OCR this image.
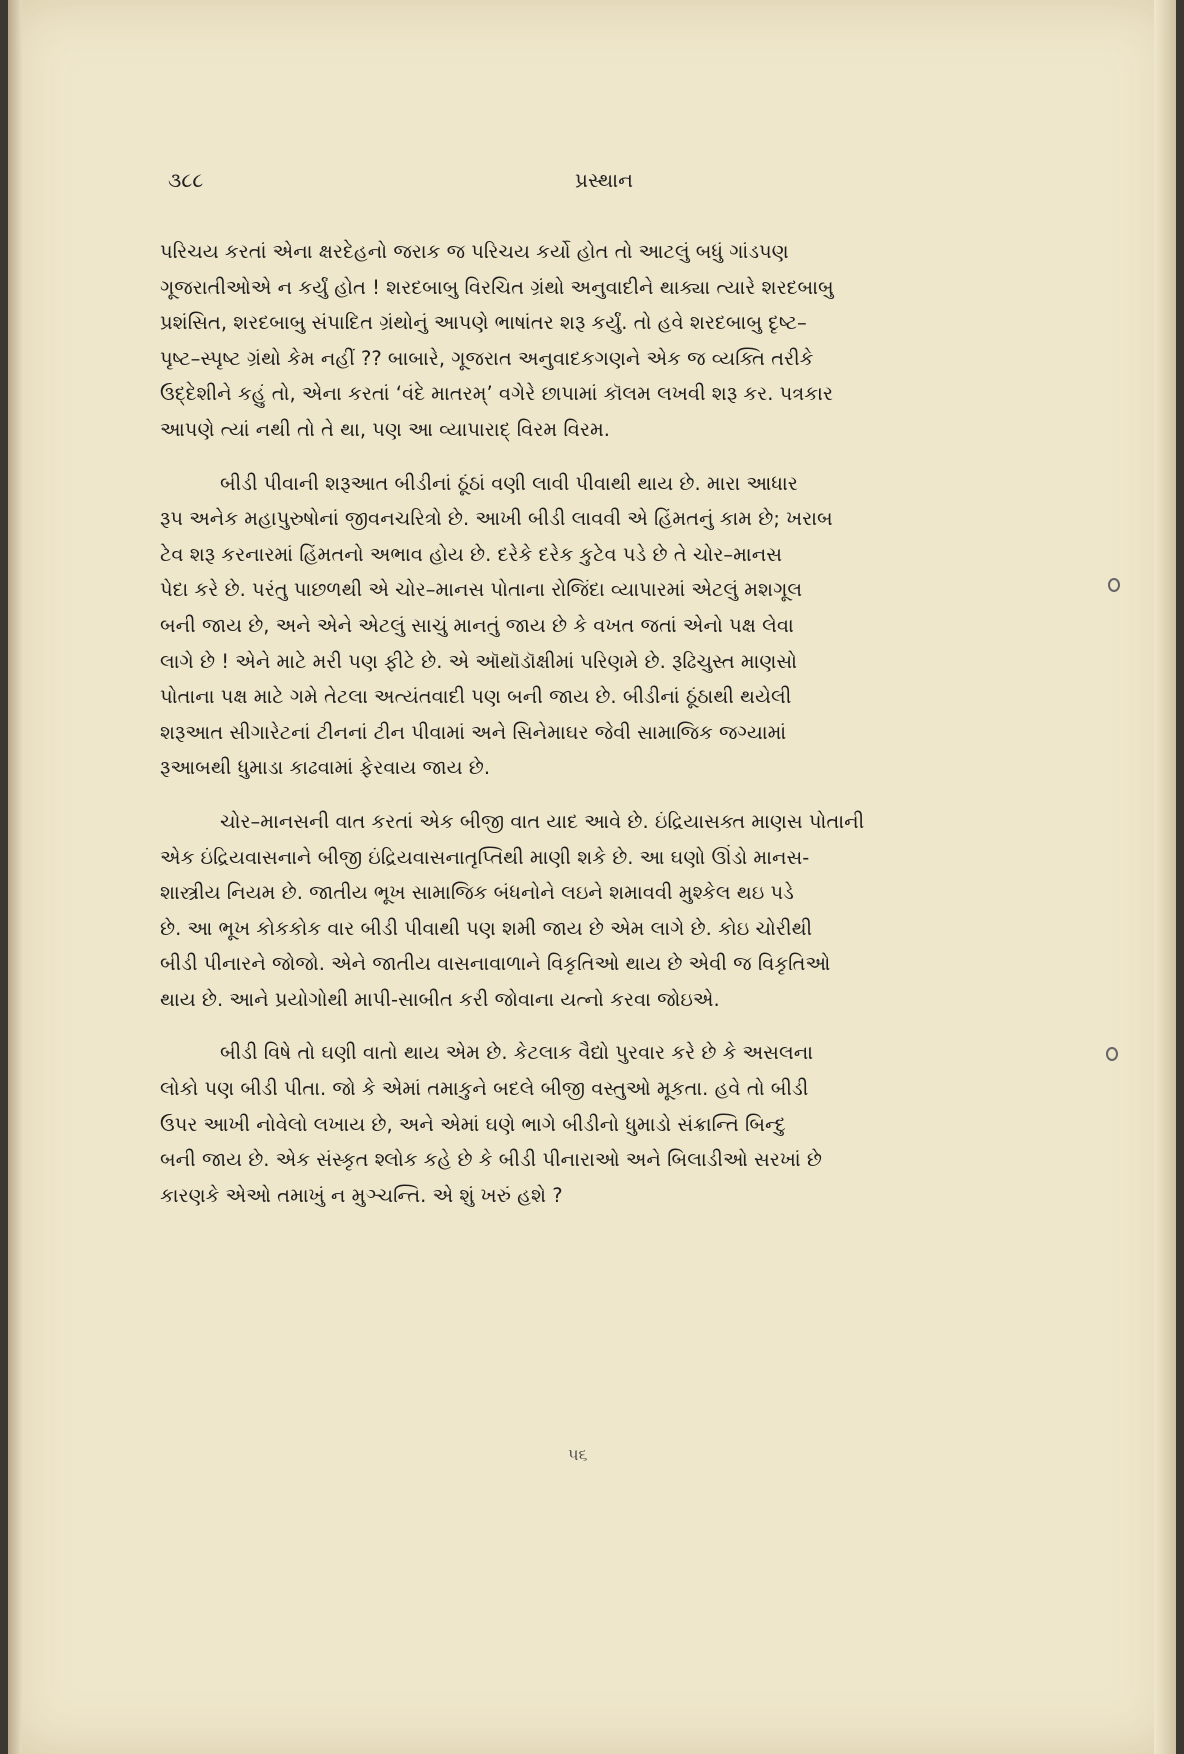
૩૮૮	પ્રસ્થાન

પરિચય કરતાં એના ક્ષરદેહનો જરાક જ પરિચય કર્યો હોત તો આટલું બધું ગાંડપણ
ગૂજરાતીઓએ ન કર્યું હોત ! શરદબાબુ વિરચિત ગ્રંથો અનુવાદીને થાક્યા ત્યારે શરદબાબુ
પ્રશંસિત, શરદબાબુ સંપાદિત ગ્રંથોનું આપણે ભાષાંતર શરૂ કર્યું. તો હવે શરદબાબુ દૃષ્ટ–
પૃષ્ટ–સ્પૃષ્ટ ગ્રંથો કેમ નહીં ?? બાબારે, ગૂજરાત અનુવાદકગણને એક જ વ્યક્તિ તરીકે
ઉદ્દેશીને કહું તો, એના કરતાં ‘વંદે માતરમ્’ વગેરે છાપામાં કૉલમ લખવી શરૂ કર. પત્રકાર
આપણે ત્યાં નથી તો તે થા, પણ આ વ્યાપારાદ્ વિરમ વિરમ.

બીડી પીવાની શરૂઆત બીડીનાં ઠૂંઠાં વણી લાવી પીવાથી થાય છે. મારા આધાર
રૂપ અનેક મહાપુરુષોનાં જીવનચરિત્રો છે. આખી બીડી લાવવી એ હિંમતનું કામ છે; ખરાબ
ટેવ શરૂ કરનારમાં હિંમતનો અભાવ હોય છે. દરેકે દરેક કુટેવ પડે છે તે ચોર–માનસ
પેદા કરે છે. પરંતુ પાછળથી એ ચોર–માનસ પોતાના રોજિંદા વ્યાપારમાં એટલું મશગૂલ
બની જાય છે, અને એને એટલું સાચું માનતું જાય છે કે વખત જતાં એનો પક્ષ લેવા
લાગે છે ! એને માટે મરી પણ ફીટે છે. એ ઑથૉડૉક્ષીમાં પરિણમે છે. રૂઢિચુસ્ત માણસો
પોતાના પક્ષ માટે ગમે તેટલા અત્યંતવાદી પણ બની જાય છે. બીડીનાં ઠૂંઠાથી થયેલી
શરૂઆત સીગારેટનાં ટીનનાં ટીન પીવામાં અને સિનેમાઘર જેવી સામાજિક જગ્યામાં
રૂઆબથી ધુમાડા કાઢવામાં ફેરવાય જાય છે.

ચોર–માનસની વાત કરતાં એક બીજી વાત યાદ આવે છે. ઇંદ્રિયાસક્ત માણસ પોતાની
એક ઇંદ્રિયવાસનાને બીજી ઇંદ્રિયવાસનાતૃપ્તિથી માણી શકે છે. આ ઘણો ઊંડો માનસ-
શાસ્ત્રીય નિયમ છે. જાતીય ભૂખ સામાજિક બંધનોને લઇને શમાવવી મુશ્કેલ થઇ પડે
છે. આ ભૂખ કોકકોક વાર બીડી પીવાથી પણ શમી જાય છે એમ લાગે છે. કોઇ ચોરીથી
બીડી પીનારને જોજો. એને જાતીય વાસનાવાળાને વિકૃતિઓ થાય છે એવી જ વિકૃતિઓ
થાય છે. આને પ્રયોગોથી માપી-સાબીત કરી જોવાના યત્નો કરવા જોઇએ.

બીડી વિષે તો ઘણી વાતો થાય એમ છે. કેટલાક વૈદ્યો પુરવાર કરે છે કે અસલના
લોકો પણ બીડી પીતા. જો કે એમાં તમાકુને બદલે બીજી વસ્તુઓ મૂકતા. હવે તો બીડી
ઉપર આખી નોવેલો લખાય છે, અને એમાં ઘણે ભાગે બીડીનો ધુમાડો સંક્રાન્તિ બિન્દુ
બની જાય છે. એક સંસ્કૃત શ્લોક કહે છે કે બીડી પીનારાઓ અને બિલાડીઓ સરખાં છે
કારણકે એઓ તમાખું ન મુઞ્ચન્તિ. એ શું ખરું હશે ?

૫૬
